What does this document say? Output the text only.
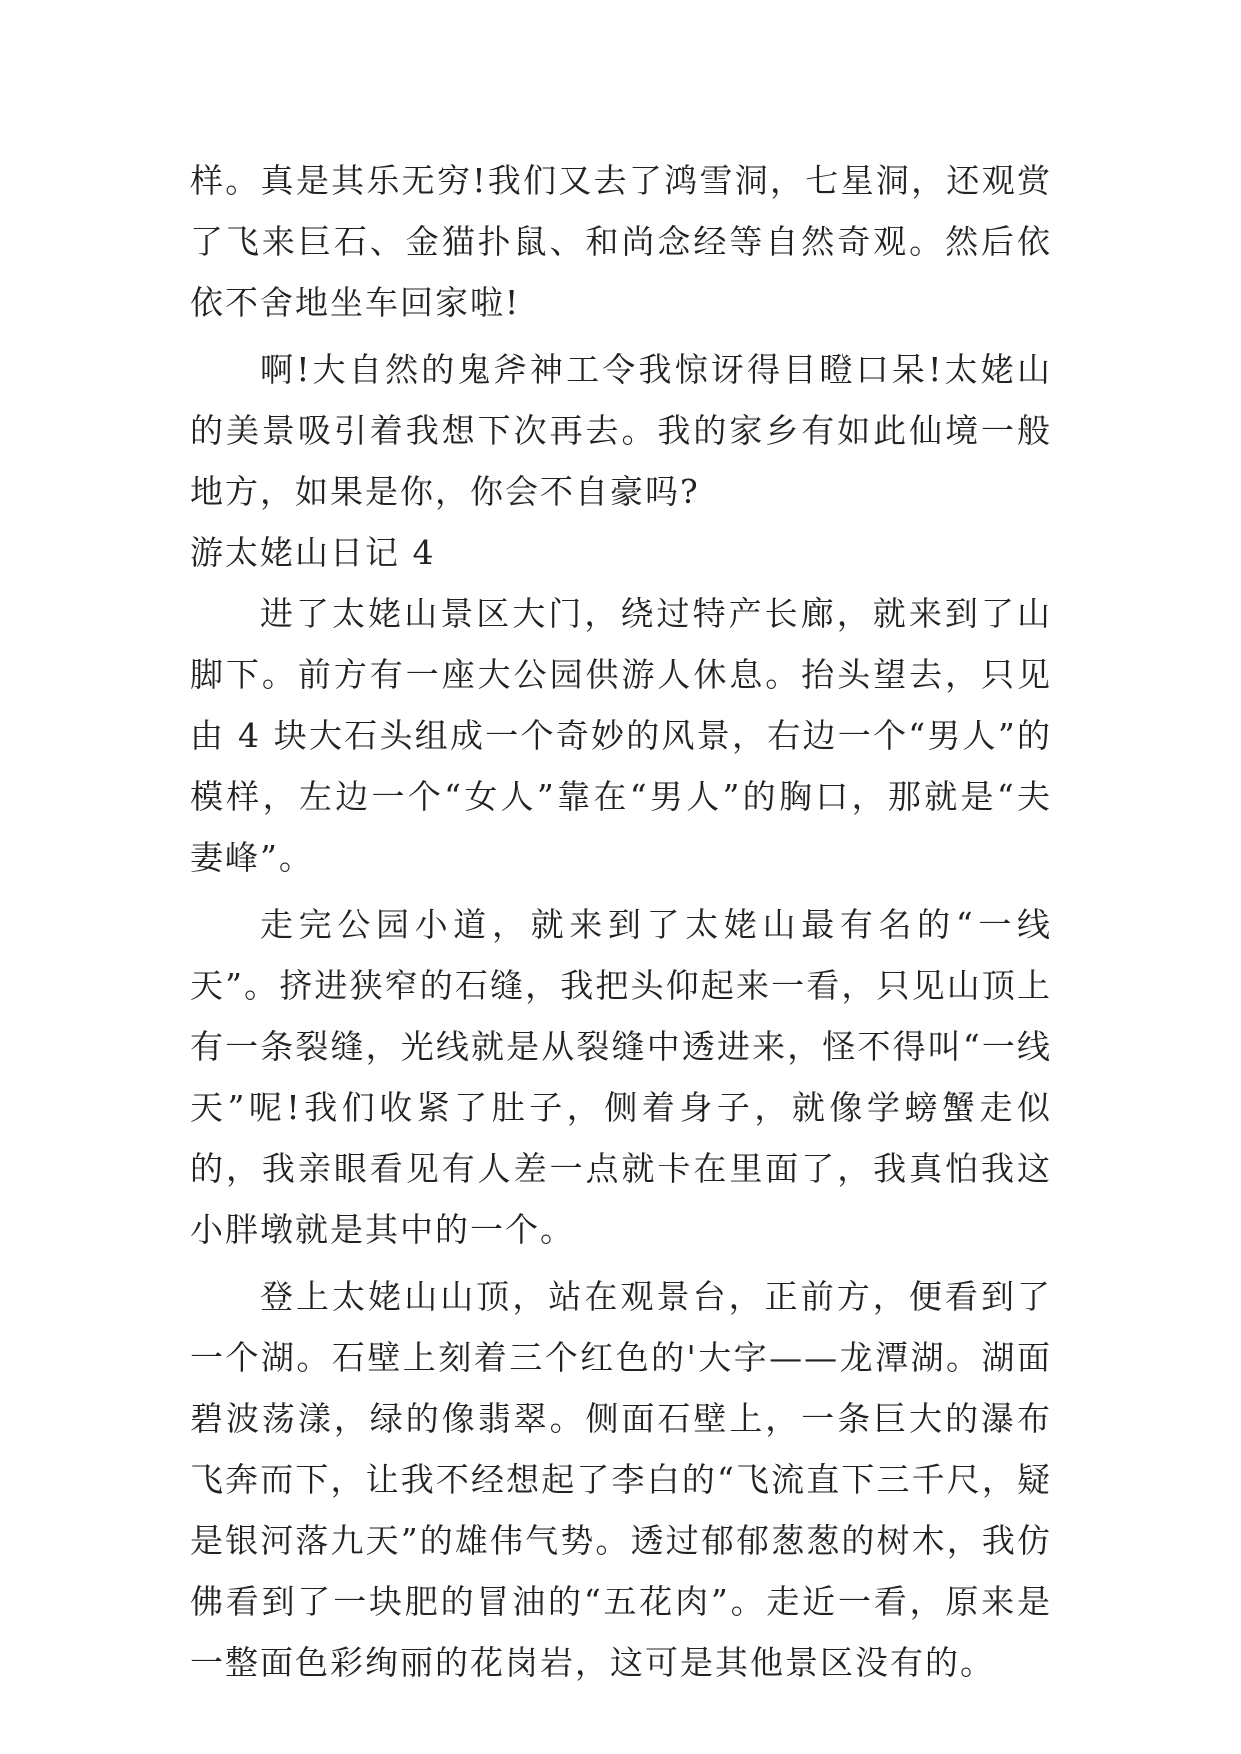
样。真是其乐无穷!我们又去了鸿雪洞，七星洞，还观赏了飞来巨石、金猫扑鼠、和尚念经等自然奇观。然后依依不舍地坐车回家啦!

啊!大自然的鬼斧神工令我惊讶得目瞪口呆!太姥山的美景吸引着我想下次再去。我的家乡有如此仙境一般地方，如果是你，你会不自豪吗?

游太姥山日记 4

进了太姥山景区大门，绕过特产长廊，就来到了山脚下。前方有一座大公园供游人休息。抬头望去，只见由 4 块大石头组成一个奇妙的风景，右边一个“男人”的模样，左边一个“女人”靠在“男人”的胸口，那就是“夫妻峰”。

走完公园小道，就来到了太姥山最有名的“一线天”。挤进狭窄的石缝，我把头仰起来一看，只见山顶上有一条裂缝，光线就是从裂缝中透进来，怪不得叫“一线天”呢!我们收紧了肚子，侧着身子，就像学螃蟹走似的，我亲眼看见有人差一点就卡在里面了，我真怕我这小胖墩就是其中的一个。

登上太姥山山顶，站在观景台，正前方，便看到了一个湖。石壁上刻着三个红色的'大字——龙潭湖。湖面碧波荡漾，绿的像翡翠。侧面石壁上，一条巨大的瀑布飞奔而下，让我不经想起了李白的“飞流直下三千尺，疑是银河落九天”的雄伟气势。透过郁郁葱葱的树木，我仿佛看到了一块肥的冒油的“五花肉”。走近一看，原来是一整面色彩绚丽的花岗岩，这可是其他景区没有的。
